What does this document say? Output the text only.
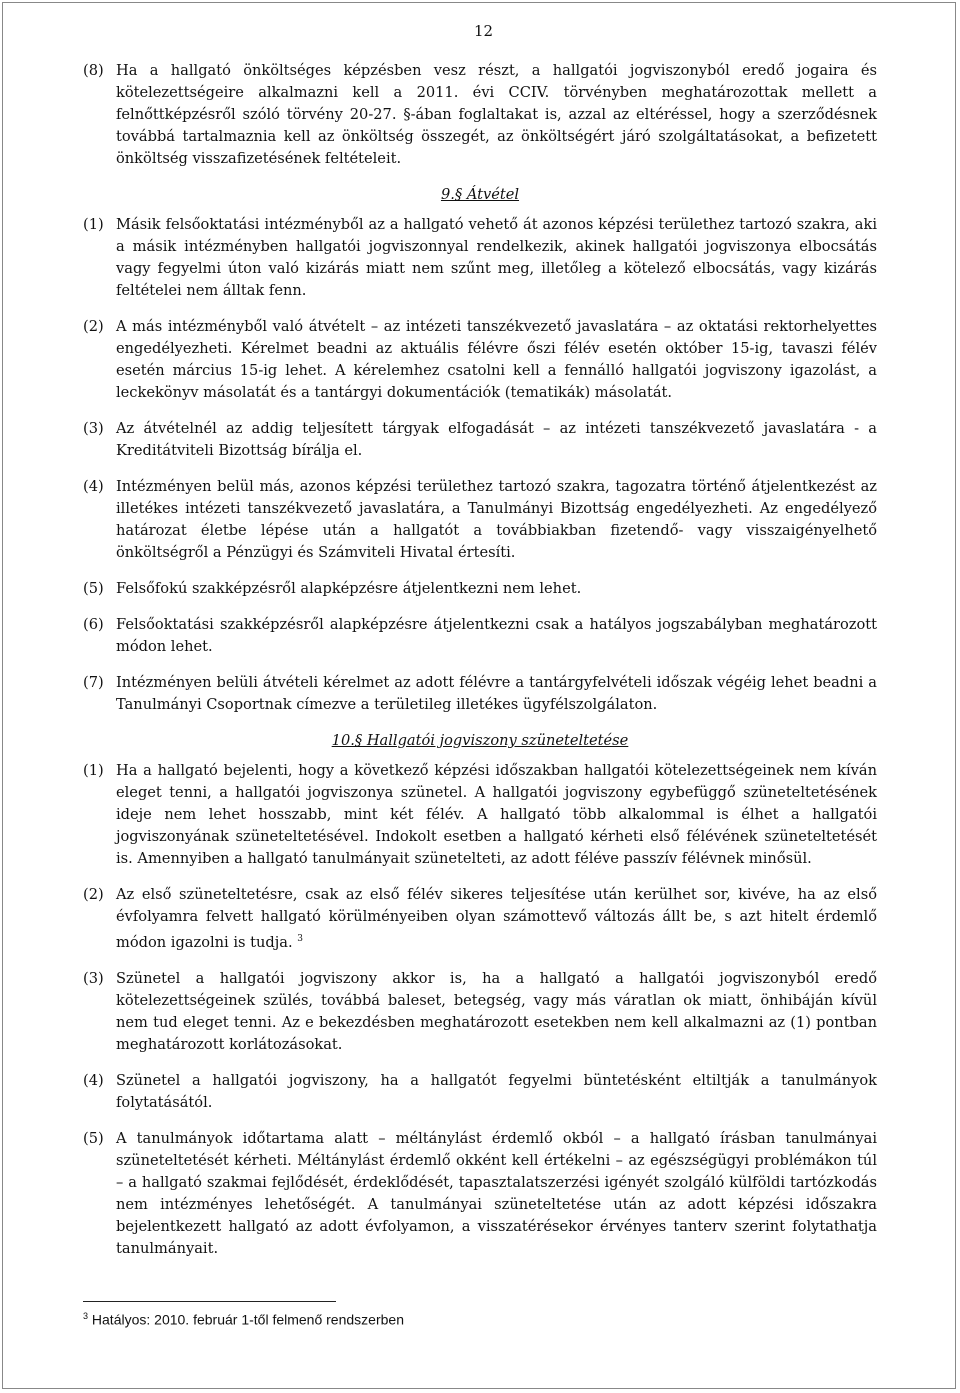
12
(8) Ha a hallgató önköltséges képzésben vesz részt, a hallgatói jogviszonyból eredő jogaira és kötelezettségeire alkalmazni kell a 2011. évi CCIV. törvényben meghatározottak mellett a felnőttképzésről szóló törvény 20-27. §-ában foglaltakat is, azzal az eltéréssel, hogy a szerződésnek továbbá tartalmaznia kell az önköltség összegét, az önköltségért járó szolgáltatásokat, a befizetett önköltség visszafizetésének feltételeit.
9.§ Átvétel
(1) Másik felsőoktatási intézményből az a hallgató vehető át azonos képzési területhez tartozó szakra, aki a másik intézményben hallgatói jogviszonnyal rendelkezik, akinek hallgatói jogviszonya elbocsátás vagy fegyelmi úton való kizárás miatt nem szűnt meg, illetőleg a kötelező elbocsátás, vagy kizárás feltételei nem álltak fenn.
(2) A más intézményből való átvételt – az intézeti tanszékvezető javaslatára – az oktatási rektorhelyettes engedélyezheti. Kérelmet beadni az aktuális félévre őszi félév esetén október 15-ig, tavaszi félév esetén március 15-ig lehet. A kérelemhez csatolni kell a fennálló hallgatói jogviszony igazolást, a leckekönyv másolatát és a tantárgyi dokumentációk (tematikák) másolatát.
(3) Az átvételnél az addig teljesített tárgyak elfogadását – az intézeti tanszékvezető javaslatára - a Kreditátviteli Bizottság bírálja el.
(4) Intézményen belül más, azonos képzési területhez tartozó szakra, tagozatra történő átjelentkezést az illetékes intézeti tanszékvezető javaslatára, a Tanulmányi Bizottság engedélyezheti. Az engedélyező határozat életbe lépése után a hallgatót a továbbiakban fizetendő- vagy visszaigényelhető önköltségről a Pénzügyi és Számviteli Hivatal értesíti.
(5) Felsőfokú szakképzésről alapképzésre átjelentkezni nem lehet.
(6) Felsőoktatási szakképzésről alapképzésre átjelentkezni csak a hatályos jogszabályban meghatározott módon lehet.
(7) Intézményen belüli átvételi kérelmet az adott félévre a tantárgyfelvételi időszak végéig lehet beadni a Tanulmányi Csoportnak címezve a területileg illetékes ügyfélszolgálaton.
10.§ Hallgatói jogviszony szüneteltetése
(1) Ha a hallgató bejelenti, hogy a következő képzési időszakban hallgatói kötelezettségeinek nem kíván eleget tenni, a hallgatói jogviszonya szünetel. A hallgatói jogviszony egybefüggő szüneteltetésének ideje nem lehet hosszabb, mint két félév. A hallgató több alkalommal is élhet a hallgatói jogviszonyának szüneteltetésével. Indokolt esetben a hallgató kérheti első félévének szüneteltetését is. Amennyiben a hallgató tanulmányait szünetelteti, az adott féléve passzív félévnek minősül.
(2) Az első szüneteltetésre, csak az első félév sikeres teljesítése után kerülhet sor, kivéve, ha az első évfolyamra felvett hallgató körülményeiben olyan számottevő változás állt be, s azt hitelt érdemlő módon igazolni is tudja. $^3$
(3) Szünetel a hallgatói jogviszony akkor is, ha a hallgató a hallgatói jogviszonyból eredő kötelezettségeinek szülés, továbbá baleset, betegség, vagy más váratlan ok miatt, önhibáján kívül nem tud eleget tenni. Az e bekezdésben meghatározott esetekben nem kell alkalmazni az (1) pontban meghatározott korlátozásokat.
(4) Szünetel a hallgatói jogviszony, ha a hallgatót fegyelmi büntetésként eltiltják a tanulmányok folytatásától.
(5) A tanulmányok időtartama alatt – méltánylást érdemlő okból – a hallgató írásban tanulmányai szüneteltetését kérheti. Méltánylást érdemlő okként kell értékelni – az egészségügyi problémákon túl – a hallgató szakmai fejlődését, érdeklődését, tapasztalatszerzési igényét szolgáló külföldi tartózkodás nem intézményes lehetőségét. A tanulmányai szüneteltetése után az adott képzési időszakra bejelentkezett hallgató az adott évfolyamon, a visszatérésekor érvényes tanterv szerint folytathatja tanulmányait.
$^3$ Hatályos: 2010. február 1-től felmenő rendszerben
